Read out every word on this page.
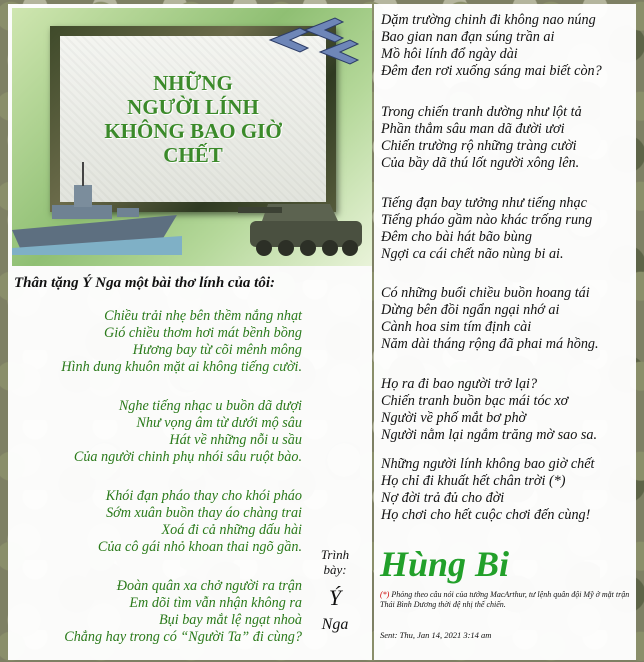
NHỮNG
NGƯỜI LÍNH
KHÔNG BAO GIỜ
CHẾT
Thân tặng Ý Nga một bài thơ lính của tôi:
Chiều trải nhẹ bên thềm nắng nhạt
Gió chiều thơm hơi mát bềnh bồng
Hương bay từ cõi mênh mông
Hình dung khuôn mặt ai không tiếng cười.
Nghe tiếng nhạc u buồn dã dượi
Như vọng âm từ dưới mộ sâu
Hát về những nỗi u sầu
Của người chinh phụ nhói sâu ruột bào.
Khói đạn pháo thay cho khói pháo
Sớm xuân buồn thay áo chàng trai
Xoá đi cả những dấu hài
Của cô gái nhỏ khoan thai ngõ gần.
Đoàn quân xa chở người ra trận
Em dõi tìm vẫn nhận không ra
Bụi bay mắt lệ ngạt nhoà
Chẳng hay trong có “Người Ta” đi cùng?
Dặm trường chinh đi không nao núng
Bao gian nan đạn súng trần ai
Mồ hôi lính đổ ngày dài
Đêm đen rơi xuống sáng mai biết còn?
Trong chiến tranh dường như lột tả
Phần thẳm sâu man dã đười ươi
Chiến trường rộ những tràng cười
Của bầy dã thú lốt người xông lên.
Tiếng đạn bay tưởng như tiếng nhạc
Tiếng pháo gầm nào khác trống rung
Đêm cho bài hát bão bùng
Ngợi ca cái chết não nùng bi ai.
Có những buổi chiều buồn hoang tái
Dừng bên đồi ngẩn ngại nhớ ai
Cành hoa sim tím định cài
Năm dài tháng rộng đã phai má hồng.
Họ ra đi bao người trở lại?
Chiến tranh buồn bạc mái tóc xơ
Người về phố mắt bơ phờ
Người nằm lại ngắm trăng mờ sao sa.
Những người lính không bao giờ chết
Họ chỉ đi khuất hết chân trời (*)
Nợ đời trả đủ cho đời
Họ chơi cho hết cuộc chơi đến cùng!
Trình
bày:
Ý
Nga
Hùng Bi
(*) Phỏng theo câu nói của tướng MacArthur, tư lệnh quân đội Mỹ ở mặt trận Thái Bình Dương thời đệ nhị thế chiến.
Sent: Thu, Jan 14, 2021 3:14 am
